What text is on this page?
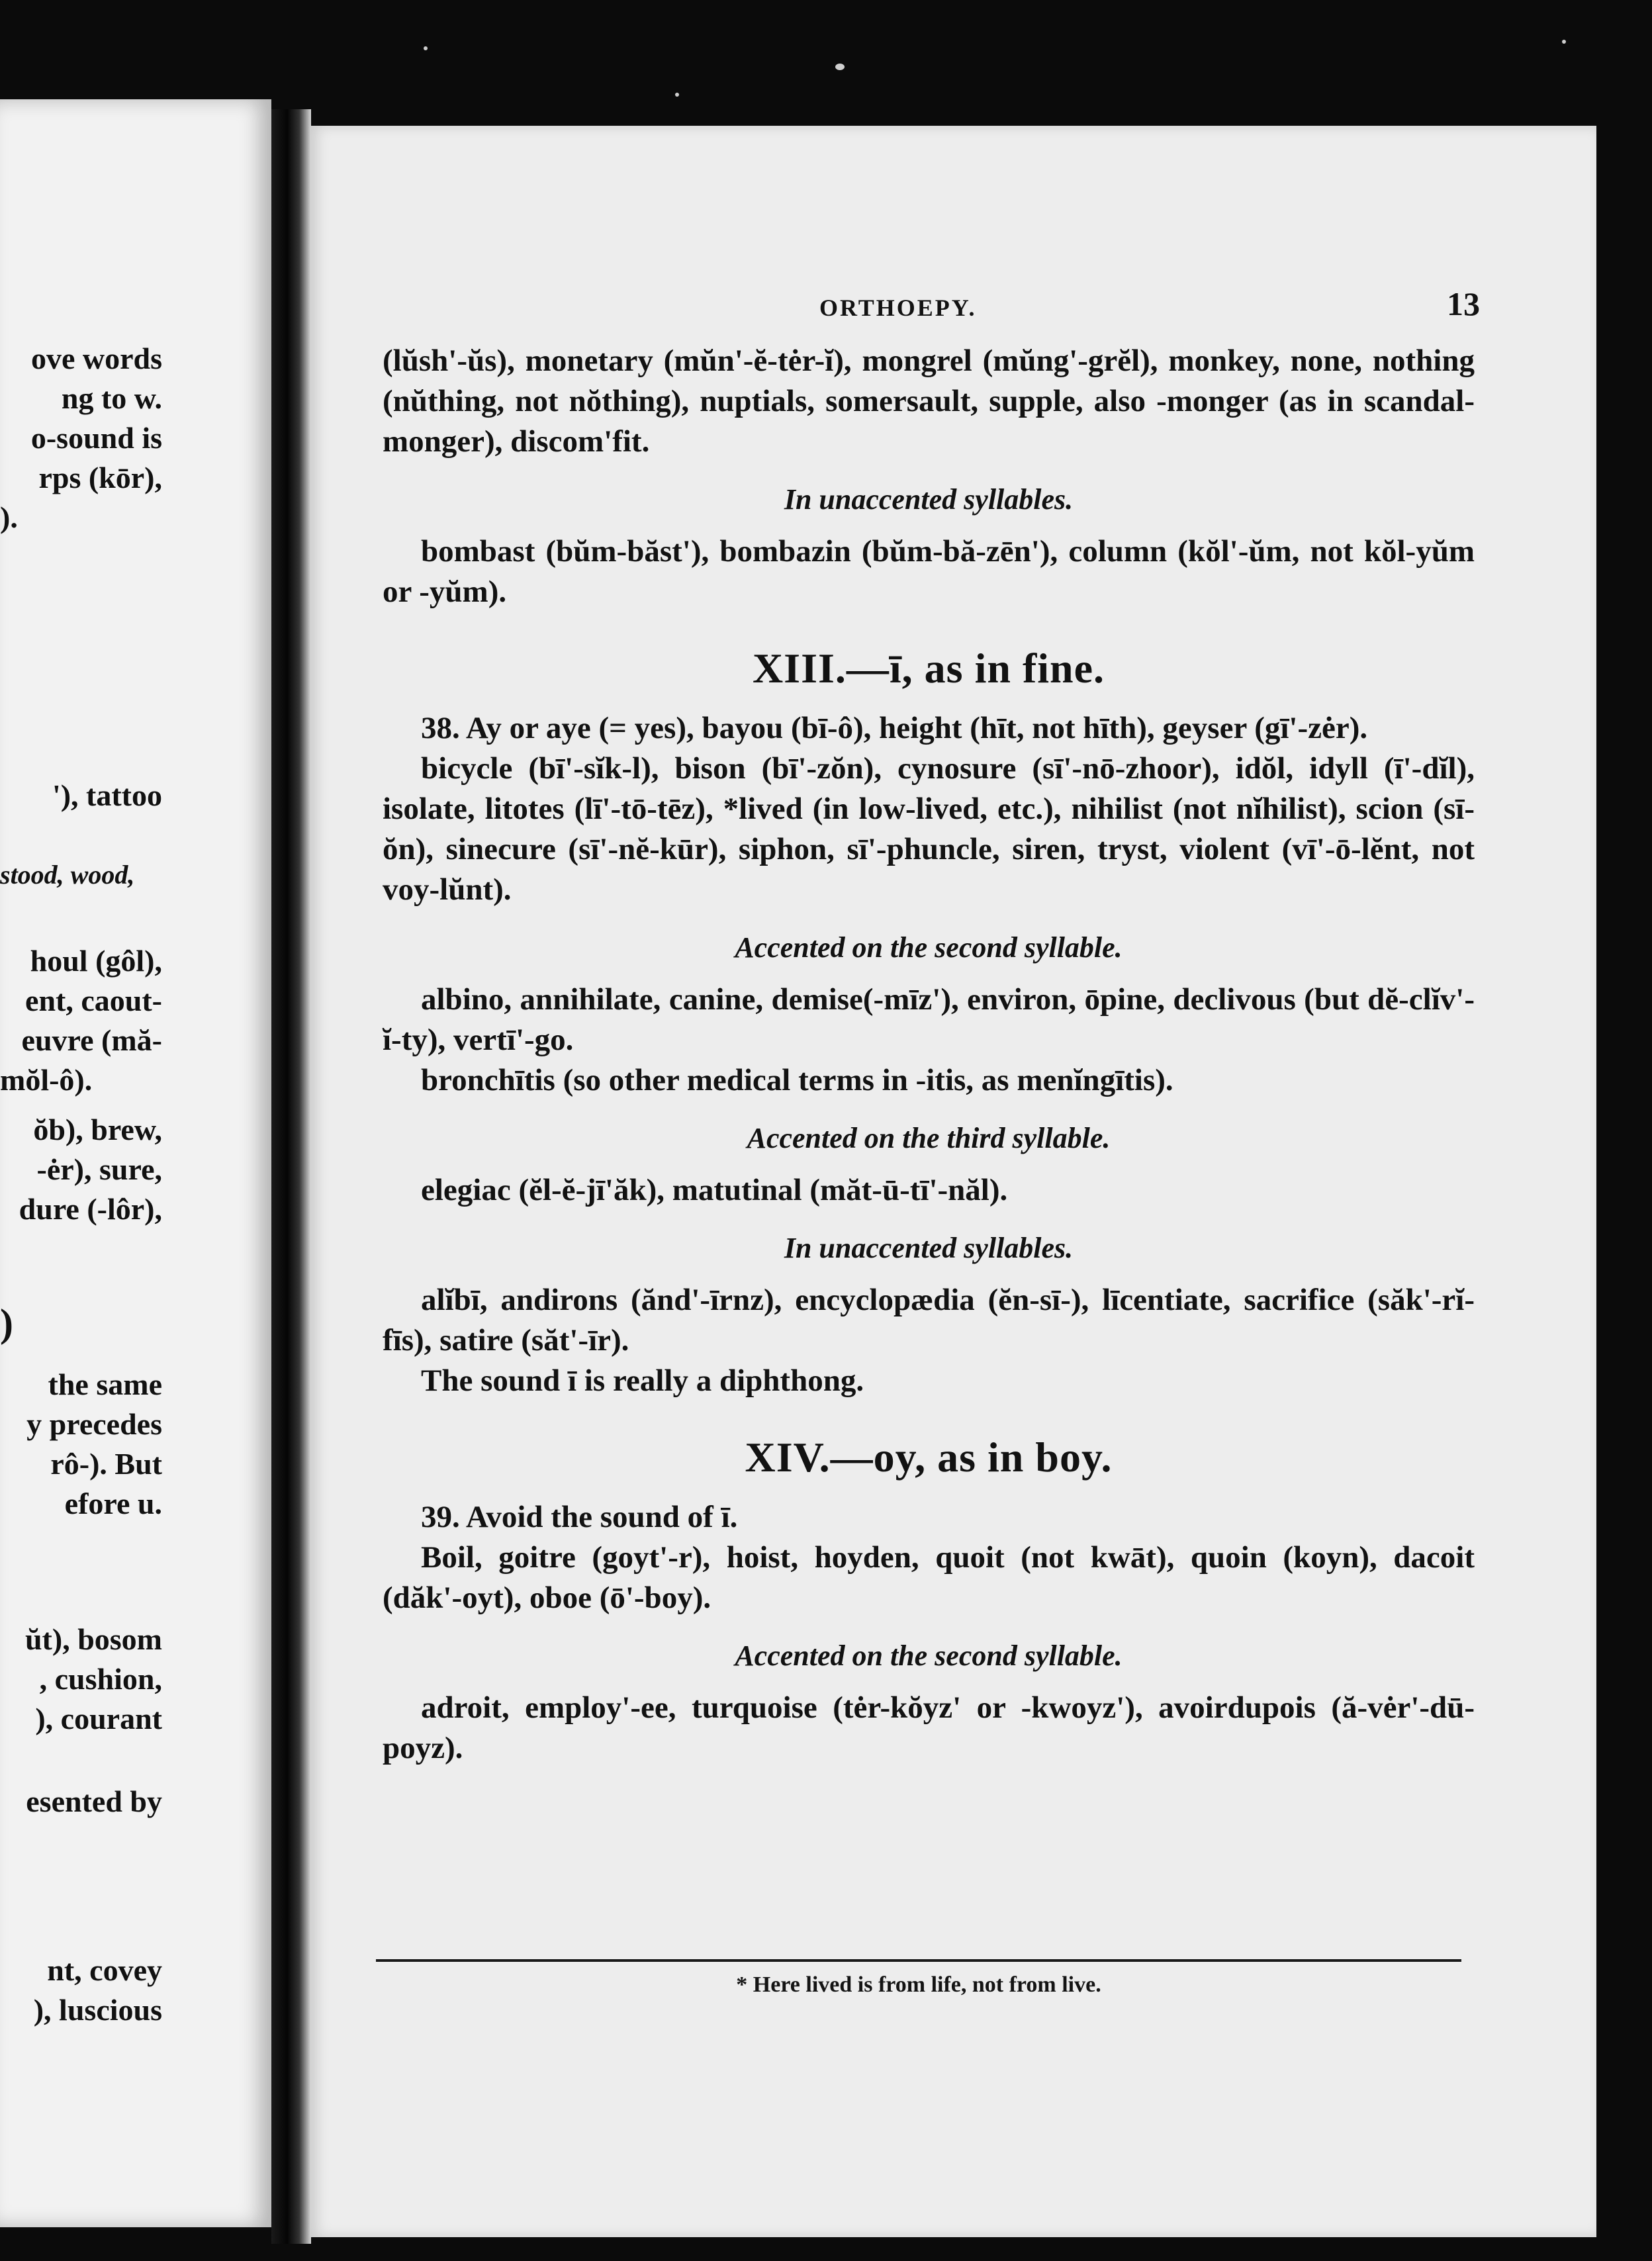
ove words
ng to w.
o-sound is
rps (kōr),
).
'), tattoo
stood, wood,
houl (gôl),
ent, caout-
euvre (mă-
mŏl-ô).
ŏb), brew,
-ėr), sure,
dure (-lôr),
)
the same
y precedes
rô-). But
efore u.
ŭt), bosom
, cushion,
), courant
esented by
nt, covey
), luscious
ORTHOEPY.	13

(lŭsh'-ŭs), monetary (mŭn'-ĕ-tėr-ĭ), mongrel (mŭng'-grĕl), monkey, none, nothing (nŭthing, not nŏthing), nuptials, somersault, supple, also -monger (as in scandal-monger), discom'fit.

In unaccented syllables.

bombast (bŭm-băst'), bombazin (bŭm-bă-zēn'), column (kŏl'-ŭm, not kŏl-yŭm or -yŭm).

XIII.—ī, as in fine.

38. Ay or aye (= yes), bayou (bī-ô), height (hīt, not hīth), geyser (gī'-zėr).

bicycle (bī'-sĭk-l), bison (bī'-zŏn), cynosure (sī'-nō-zhoor), idŏl, idyll (ī'-dĭl), isolate, litotes (lī'-tō-tēz), *lived (in low-lived, etc.), nihilist (not nĭhilist), scion (sī-ŏn), sinecure (sī'-nĕ-kūr), siphon, sī'-phuncle, siren, tryst, violent (vī'-ō-lĕnt, not voy-lŭnt).

Accented on the second syllable.

albino, annihilate, canine, demise(-mīz'), environ, ōpine, declivous (but dĕ-clĭv'-ĭ-ty), vertī'-go.

bronchītis (so other medical terms in -itis, as menĭngītis).

Accented on the third syllable.

elegiac (ĕl-ĕ-jī'ăk), matutinal (măt-ū-tī'-năl).

In unaccented syllables.

alĭbī, andirons (ănd'-īrnz), encyclopædia (ĕn-sī-), līcentiate, sacrifice (săk'-rĭ-fīs), satire (săt'-īr).

The sound ī is really a diphthong.

XIV.—oy, as in boy.

39. Avoid the sound of ī.

Boil, goitre (goyt'-r), hoist, hoyden, quoit (not kwāt), quoin (koyn), dacoit (dăk'-oyt), oboe (ō'-boy).

Accented on the second syllable.

adroit, employ'-ee, turquoise (tėr-kŏyz' or -kwoyz'), avoirdupois (ă-vėr'-dū-poyz).

* Here lived is from life, not from live.
